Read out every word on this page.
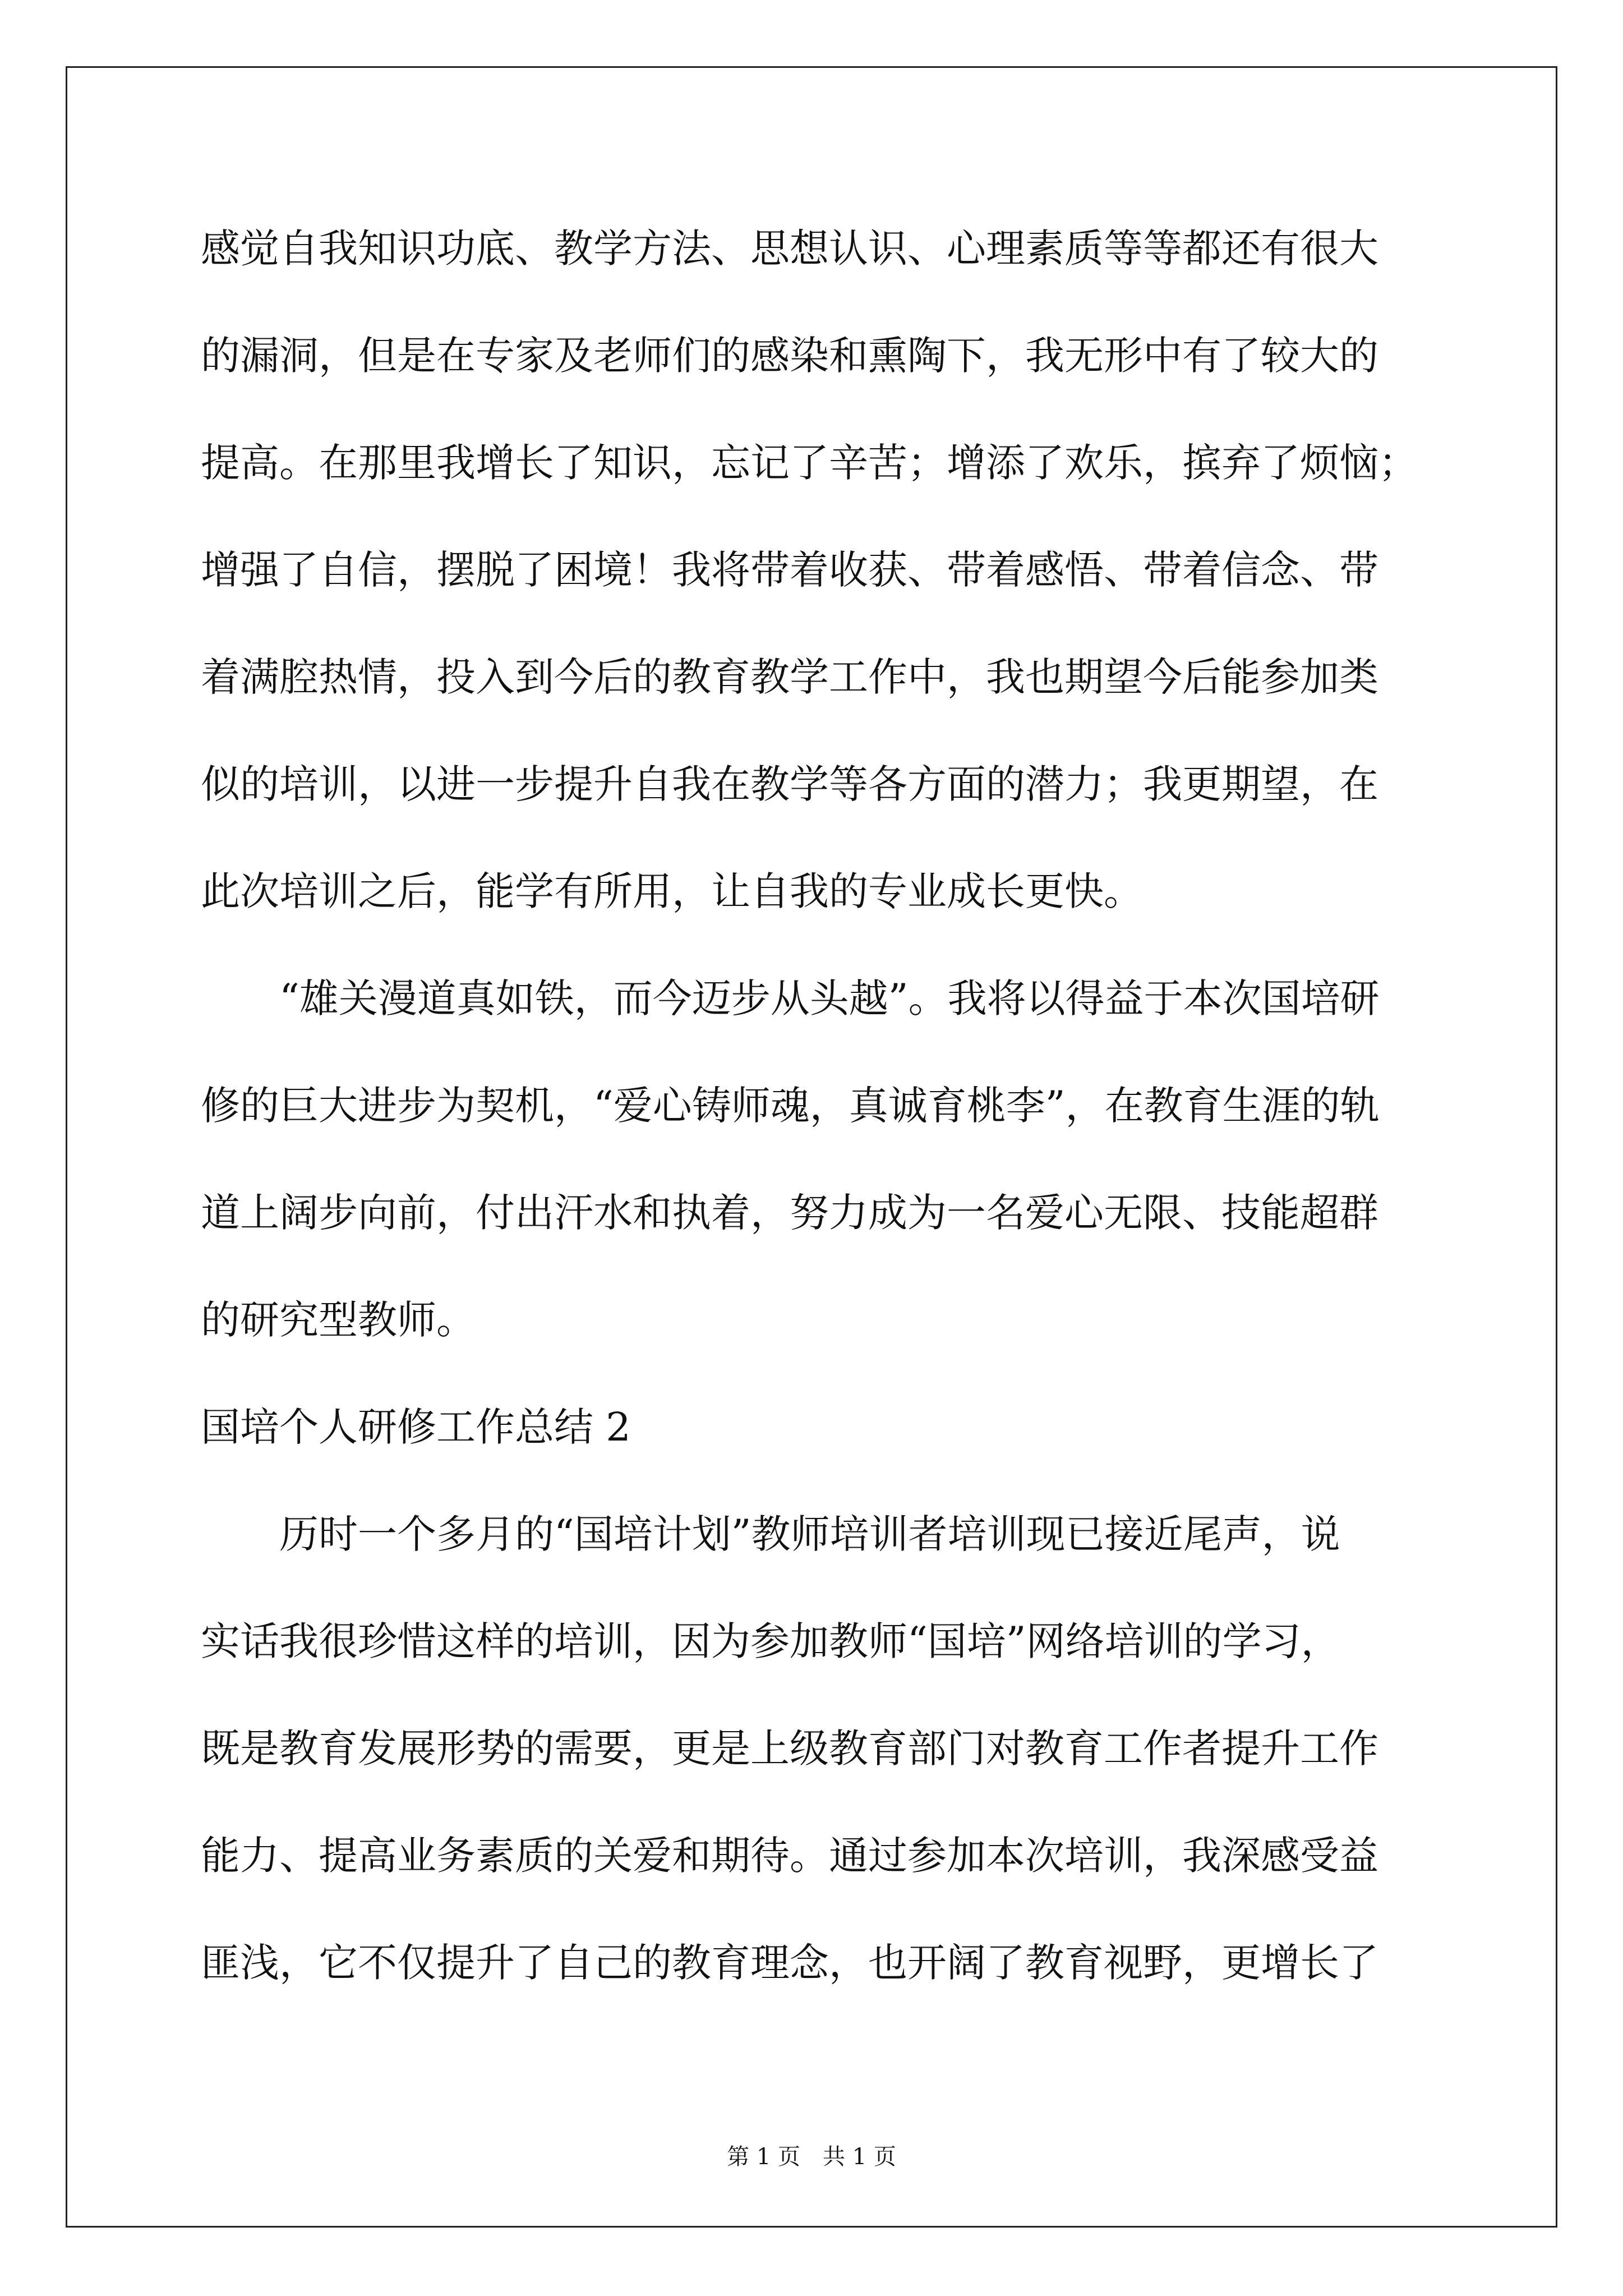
感觉自我知识功底、教学方法、思想认识、心理素质等等都还有很大
的漏洞，但是在专家及老师们的感染和熏陶下，我无形中有了较大的
提高。在那里我增长了知识，忘记了辛苦；增添了欢乐，摈弃了烦恼；
增强了自信，摆脱了困境！我将带着收获、带着感悟、带着信念、带
着满腔热情，投入到今后的教育教学工作中，我也期望今后能参加类
似的培训，以进一步提升自我在教学等各方面的潜力；我更期望，在
此次培训之后，能学有所用，让自我的专业成长更快。
“雄关漫道真如铁，而今迈步从头越”。我将以得益于本次国培研
修的巨大进步为契机，“爱心铸师魂，真诚育桃李”，在教育生涯的轨
道上阔步向前，付出汗水和执着，努力成为一名爱心无限、技能超群
的研究型教师。
国培个人研修工作总结 2
历时一个多月的“国培计划”教师培训者培训现已接近尾声，说
实话我很珍惜这样的培训，因为参加教师“国培”网络培训的学习，
既是教育发展形势的需要，更是上级教育部门对教育工作者提升工作
能力、提高业务素质的关爱和期待。通过参加本次培训，我深感受益
匪浅，它不仅提升了自己的教育理念，也开阔了教育视野，更增长了
第 1 页　共 1 页
